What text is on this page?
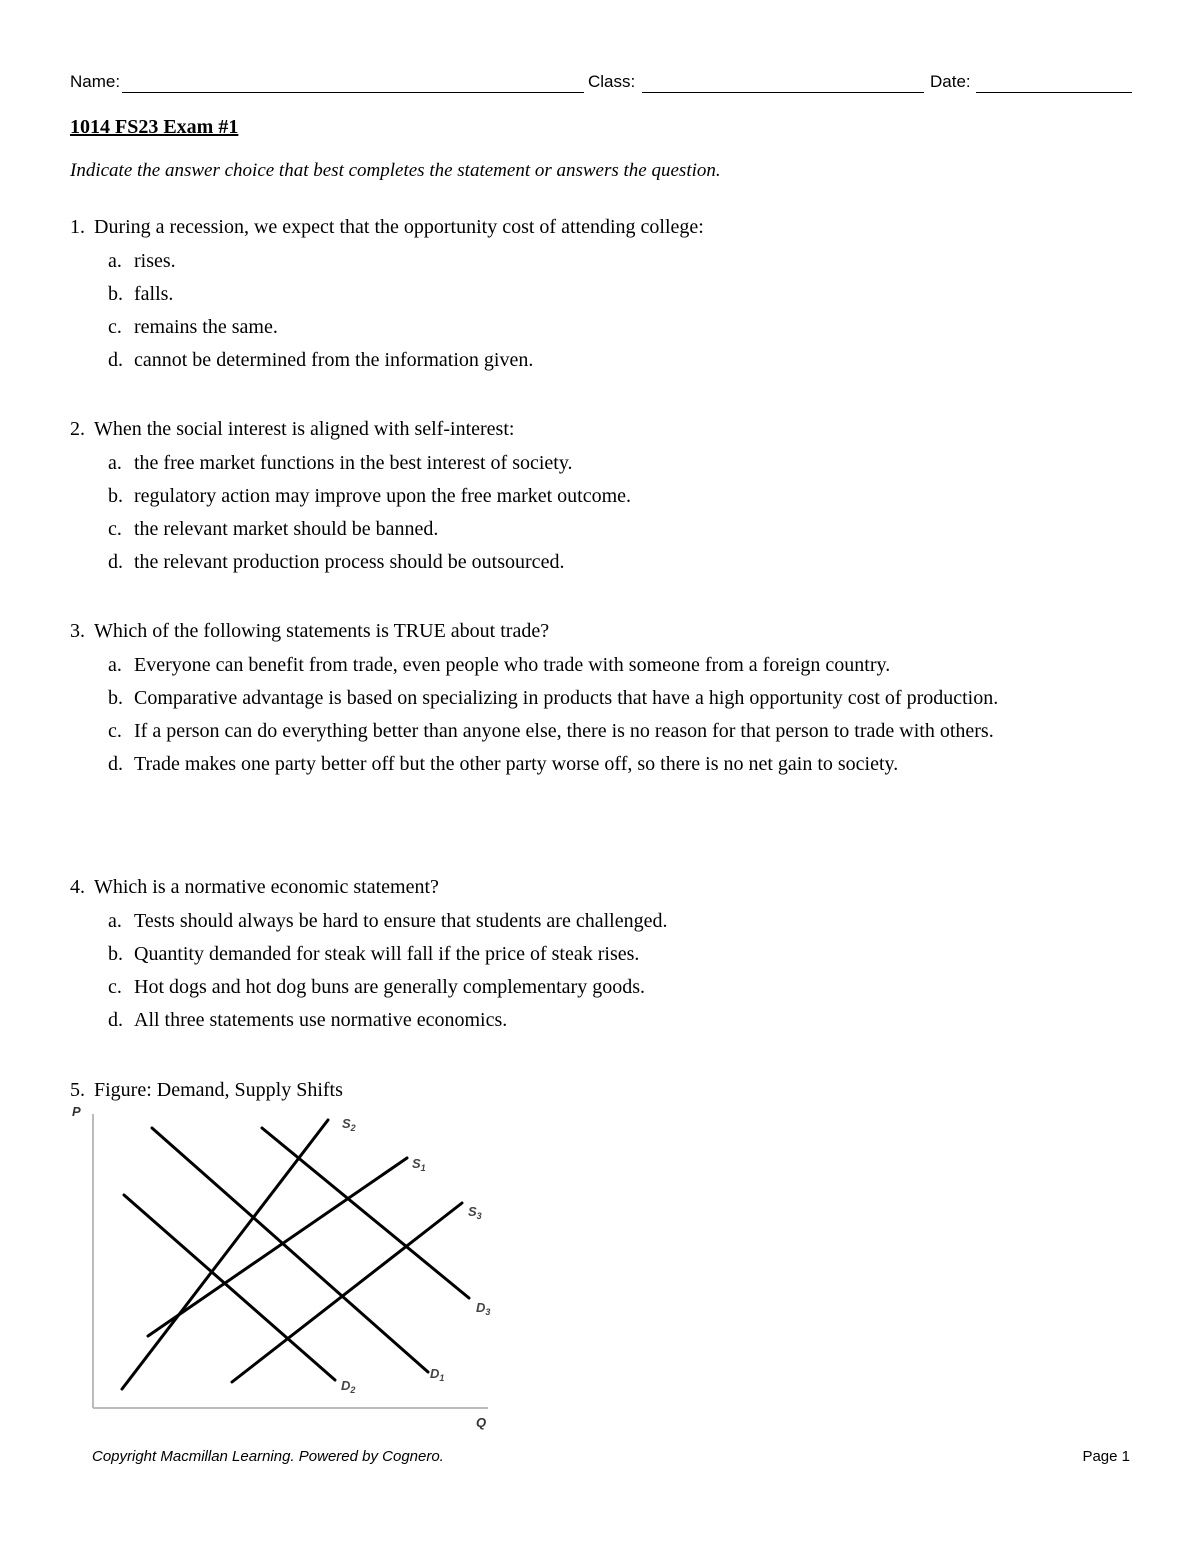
Name:	Class:	Date:
1014 FS23 Exam #1
Indicate the answer choice that best completes the statement or answers the question.
1. During a recession, we expect that the opportunity cost of attending college:
a. rises.
b. falls.
c. remains the same.
d. cannot be determined from the information given.
2. When the social interest is aligned with self-interest:
a. the free market functions in the best interest of society.
b. regulatory action may improve upon the free market outcome.
c. the relevant market should be banned.
d. the relevant production process should be outsourced.
3. Which of the following statements is TRUE about trade?
a. Everyone can benefit from trade, even people who trade with someone from a foreign country.
b. Comparative advantage is based on specializing in products that have a high opportunity cost of production.
c. If a person can do everything better than anyone else, there is no reason for that person to trade with others.
d. Trade makes one party better off but the other party worse off, so there is no net gain to society.
4. Which is a normative economic statement?
a. Tests should always be hard to ensure that students are challenged.
b. Quantity demanded for steak will fall if the price of steak rises.
c. Hot dogs and hot dog buns are generally complementary goods.
d. All three statements use normative economics.
5. Figure: Demand, Supply Shifts
P
Q
$S_2$
$S_1$
$S_3$
$D_3$
$D_1$
$D_2$
Copyright Macmillan Learning. Powered by Cognero.	Page 1
